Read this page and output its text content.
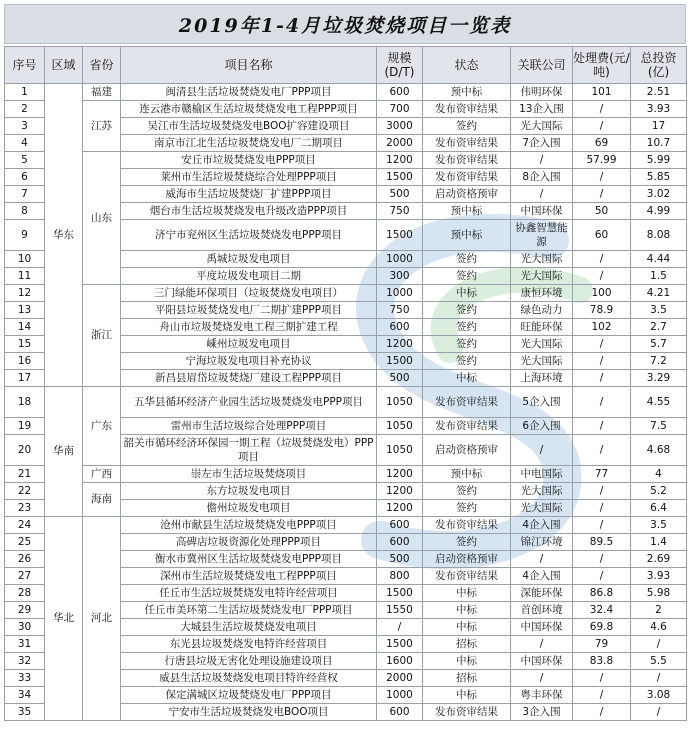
2019年1-4月垃圾焚烧项目一览表
序号	区域	省份	项目名称	规模(D/T)	状态	关联公司	处理费(元/吨)	总投资(亿)
1	华东	福建	闽清县生活垃圾焚烧发电厂PPP项目	600	预中标	伟明环保	101	2.51
2		江苏	连云港市赣榆区生活垃圾焚烧发电工程PPP项目	700	发布资审结果	13企入围	/	3.93
3			吴江市生活垃圾焚烧发电BOO扩容建设项目	3000	签约	光大国际	/	17
4			南京市江北生活垃圾焚烧发电厂二期项目	2000	发布资审结果	7企入围	69	10.7
5		山东	安丘市垃圾焚烧发电PPP项目	1200	发布资审结果	/	57.99	5.99
6			莱州市生活垃圾焚烧综合处理PPP项目	1500	发布资审结果	8企入围	/	5.85
7			威海市生活垃圾焚烧厂扩建PPP项目	500	启动资格预审	/	/	3.02
8			烟台市生活垃圾焚烧发电升级改造PPP项目	750	预中标	中国环保	50	4.99
9			济宁市兖州区生活垃圾焚烧发电PPP项目	1500	预中标	协鑫智慧能源	60	8.08
10			禹城垃圾发电项目	1000	签约	光大国际	/	4.44
11			平度垃圾发电项目二期	300	签约	光大国际	/	1.5
12		浙江	三门绿能环保项目（垃圾焚烧发电项目）	1000	中标	康恒环境	100	4.21
13			平阳县垃圾焚烧发电厂二期扩建PPP项目	750	签约	绿色动力	78.9	3.5
14			舟山市垃圾焚烧发电工程三期扩建工程	600	签约	旺能环保	102	2.7
15			嵊州垃圾发电项目	1200	签约	光大国际	/	5.7
16			宁海垃圾发电项目补充协议	1500	签约	光大国际	/	7.2
17			新昌县眉岱垃圾焚烧厂建设工程PPP项目	500	中标	上海环境	/	3.29
18	华南	广东	五华县循环经济产业园生活垃圾焚烧发电PPP项目	1050	发布资审结果	5企入围	/	4.55
19			雷州市生活垃圾综合处理PPP项目	1050	发布资审结果	6企入围	/	7.5
20			韶关市循环经济环保园一期工程（垃圾焚烧发电）PPP项目	1050	启动资格预审	/	/	4.68
21		广西	崇左市生活垃圾焚烧项目	1200	预中标	中电国际	77	4
22		海南	东方垃圾发电项目	1200	签约	光大国际	/	5.2
23			儋州垃圾发电项目	1200	签约	光大国际	/	6.4
24	华北	河北	沧州市献县生活垃圾焚烧发电PPP项目	600	发布资审结果	4企入围	/	3.5
25			高碑店垃圾资源化处理PPP项目	600	签约	锦江环境	89.5	1.4
26			衡水市冀州区生活垃圾焚烧发电PPP项目	500	启动资格预审	/	/	2.69
27			深州市生活垃圾焚烧发电工程PPP项目	800	发布资审结果	4企入围	/	3.93
28			任丘市生活垃圾焚烧发电特许经营项目	1500	中标	深能环保	86.8	5.98
29			任丘市美环第二生活垃圾焚烧发电厂PPP项目	1550	中标	首创环境	32.4	2
30			大城县生活垃圾焚烧发电项目	/	中标	中国环保	69.8	4.6
31			东光县垃圾焚烧发电特许经营项目	1500	招标	/	79	/
32			行唐县垃圾无害化处理设施建设项目	1600	中标	中国环保	83.8	5.5
33			威县生活垃圾焚烧发电项目特许经营权	2000	招标	/	/	/
34			保定满城区垃圾焚烧发电厂PPP项目	1000	中标	粤丰环保	/	3.08
35			宁安市生活垃圾焚烧发电BOO项目	600	发布资审结果	3企入围	/	/
